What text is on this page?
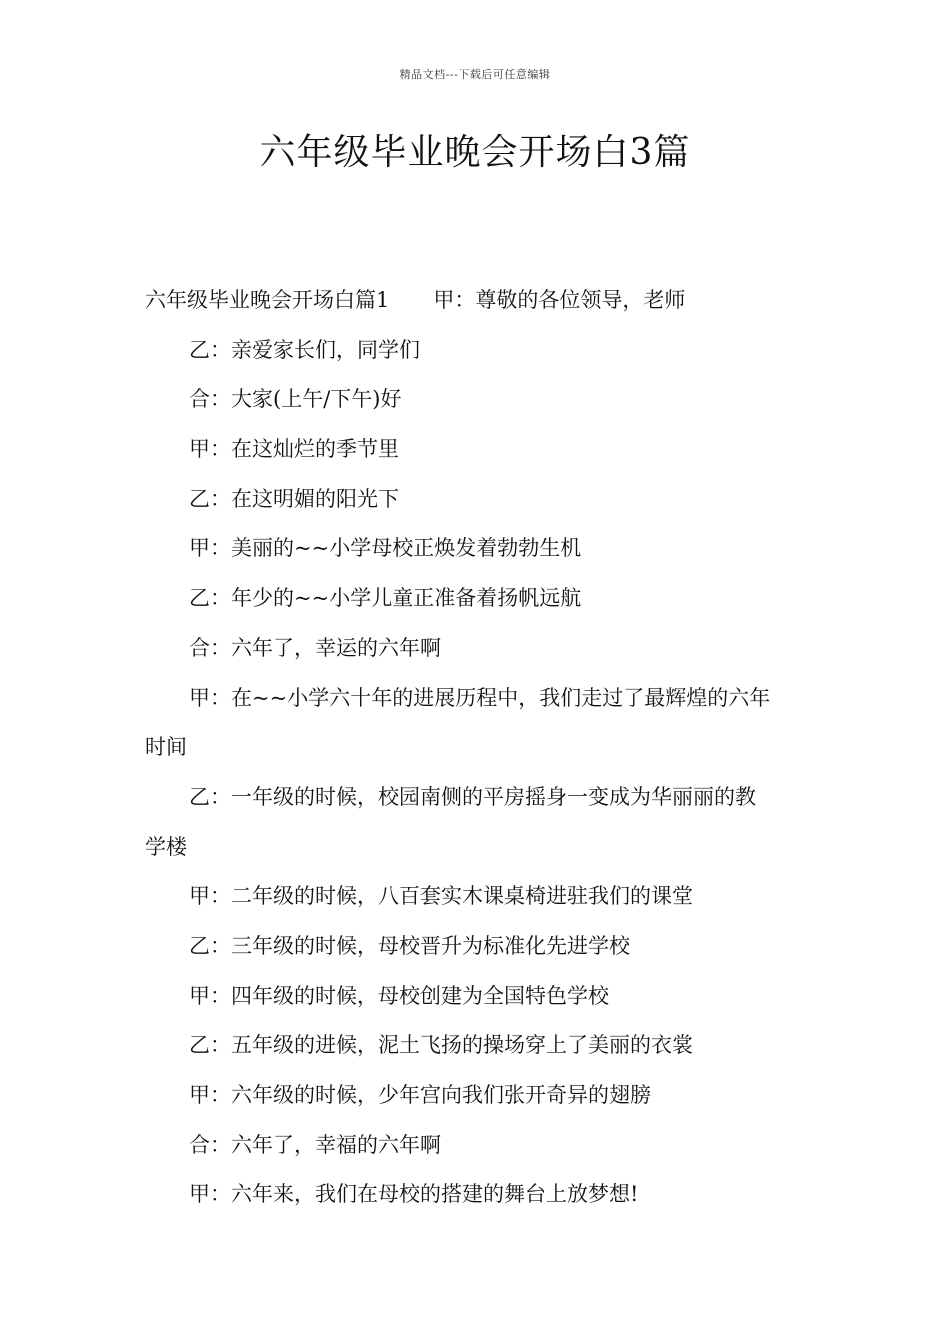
精品文档---下载后可任意编辑
六年级毕业晚会开场白3篇

六年级毕业晚会开场白篇1 甲：尊敬的各位领导，老师

乙：亲爱家长们，同学们

合：大家(上午/下午)好

甲：在这灿烂的季节里

乙：在这明媚的阳光下

甲：美丽的~~小学母校正焕发着勃勃生机

乙：年少的~~小学儿童正准备着扬帆远航

合：六年了，幸运的六年啊

甲：在~~小学六十年的进展历程中，我们走过了最辉煌的六年

时间

乙：一年级的时候，校园南侧的平房摇身一变成为华丽丽的教

学楼

甲：二年级的时候，八百套实木课桌椅进驻我们的课堂

乙：三年级的时候，母校晋升为标准化先进学校

甲：四年级的时候，母校创建为全国特色学校

乙：五年级的进候，泥土飞扬的操场穿上了美丽的衣裳

甲：六年级的时候，少年宫向我们张开奇异的翅膀

合：六年了，幸福的六年啊

甲：六年来，我们在母校的搭建的舞台上放梦想!
